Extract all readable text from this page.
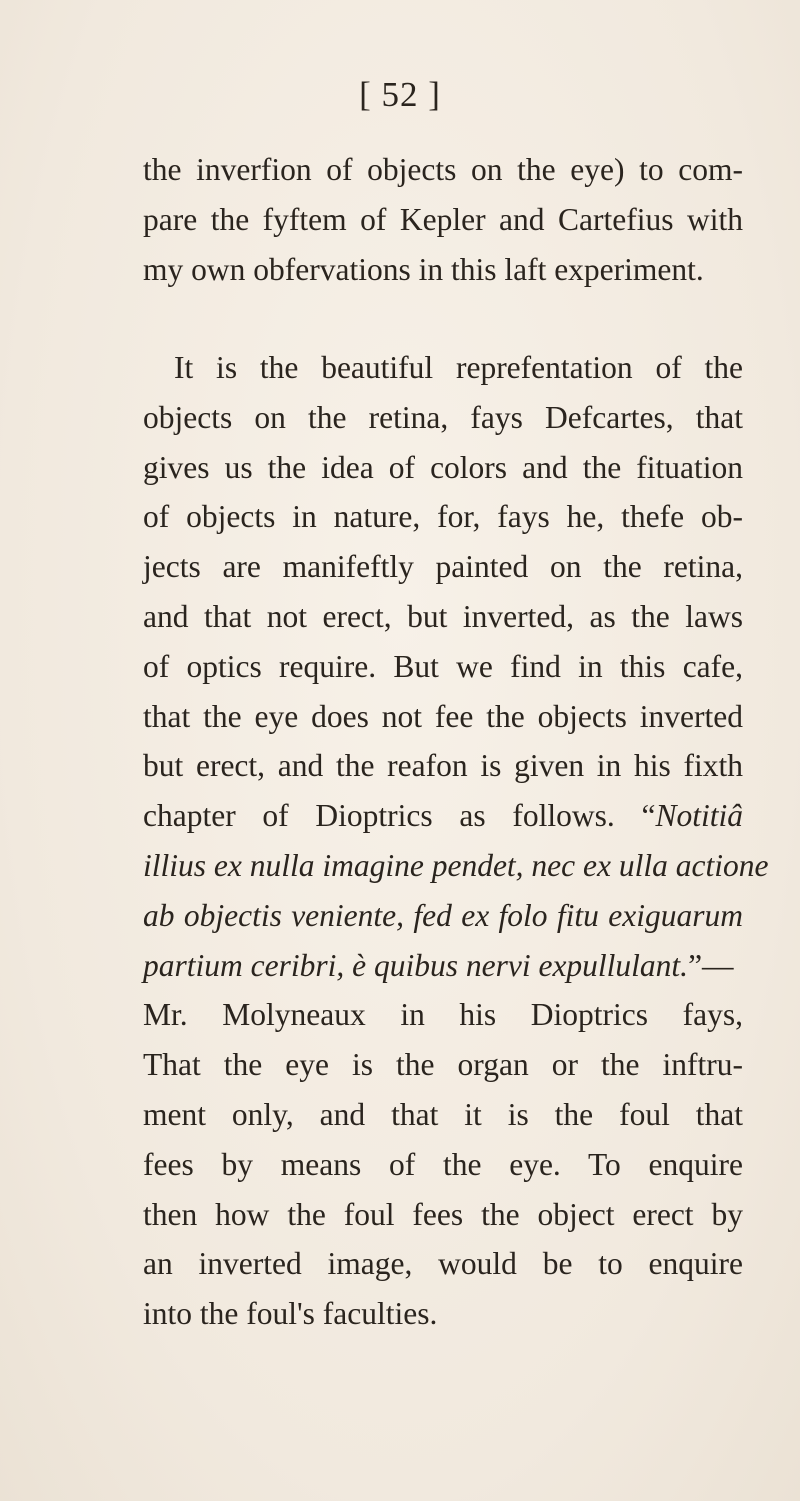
[ 52 ]
the inverfion of objects on the eye) to com-
pare the fyftem of Kepler and Cartefius with
my own obfervations in this laft experiment.
It is the beautiful reprefentation of the
objects on the retina, fays Defcartes, that
gives us the idea of colors and the fituation
of objects in nature, for, fays he, thefe ob-
jects are manifeftly painted on the retina,
and that not erect, but inverted, as the laws
of optics require. But we find in this cafe,
that the eye does not fee the objects inverted
but erect, and the reafon is given in his fixth
chapter of Dioptrics as follows. “Notitiâ
illius ex nulla imagine pendet, nec ex ulla actione
ab objectis veniente, fed ex folo fitu exiguarum
partium ceribri, è quibus nervi expullulant.”—
Mr. Molyneaux in his Dioptrics fays,
That the eye is the organ or the inftru-
ment only, and that it is the foul that
fees by means of the eye. To enquire
then how the foul fees the object erect by
an inverted image, would be to enquire
into the foul's faculties.
